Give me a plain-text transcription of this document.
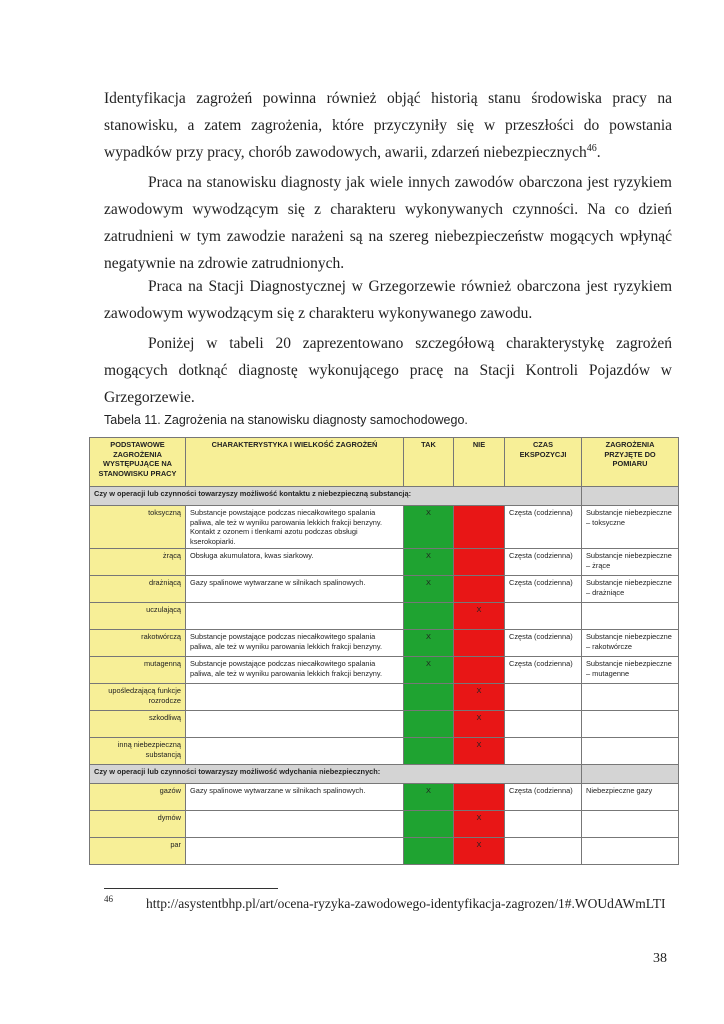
Identyfikacja zagrożeń powinna również objąć historią stanu środowiska pracy na stanowisku, a zatem zagrożenia, które przyczyniły się w przeszłości do powstania wypadków przy pracy, chorób zawodowych, awarii, zdarzeń niebezpiecznych$^{46}$.

Praca na stanowisku diagnosty jak wiele innych zawodów obarczona jest ryzykiem zawodowym wywodzącym się z charakteru wykonywanych czynności. Na co dzień zatrudnieni w tym zawodzie narażeni są na szereg niebezpieczeństw mogących wpłynąć negatywnie na zdrowie zatrudnionych.

Praca na Stacji Diagnostycznej w Grzegorzewie również obarczona jest ryzykiem zawodowym wywodzącym się z charakteru wykonywanego zawodu.

Poniżej w tabeli 20 zaprezentowano szczegółową charakterystykę zagrożeń mogących dotknąć diagnostę wykonującego pracę na Stacji Kontroli Pojazdów w Grzegorzewie.

Tabela 11. Zagrożenia na stanowisku diagnosty samochodowego.

PODSTAWOWE ZAGROŻENIA WYSTĘPUJĄCE NA STANOWISKU PRACY	CHARAKTERYSTYKA I WIELKOŚĆ ZAGROŻEŃ	TAK	NIE	CZAS EKSPOZYCJI	ZAGROŻENIA PRZYJĘTE DO POMIARU
Czy w operacji lub czynności towarzyszy możliwość kontaktu z niebezpieczną substancją:					
toksyczną	Substancje powstające podczas niecałkowitego spalania paliwa, ale też w wyniku parowania lekkich frakcji benzyny. Kontakt z ozonem i tlenkami azotu podczas obsługi kserokopiarki.	X		Częsta (codzienna)	Substancje niebezpieczne – toksyczne
żrącą	Obsługa akumulatora, kwas siarkowy.	X		Częsta (codzienna)	Substancje niebezpieczne – żrące
drażniącą	Gazy spalinowe wytwarzane w silnikach spalinowych.	X		Częsta (codzienna)	Substancje niebezpieczne – drażniące
uczulającą			X		
rakotwórczą	Substancje powstające podczas niecałkowitego spalania paliwa, ale też w wyniku parowania lekkich frakcji benzyny.	X		Częsta (codzienna)	Substancje niebezpieczne – rakotwórcze
mutagenną	Substancje powstające podczas niecałkowitego spalania paliwa, ale też w wyniku parowania lekkich frakcji benzyny.	X		Częsta (codzienna)	Substancje niebezpieczne – mutagenne
upośledzającą funkcje rozrodcze			X		
szkodliwą			X		
inną niebezpieczną substancją			X		
Czy w operacji lub czynności towarzyszy możliwość wdychania niebezpiecznych:					
gazów	Gazy spalinowe wytwarzane w silnikach spalinowych.	X		Częsta (codzienna)	Niebezpieczne gazy
dymów			X		
par			X		
46 http://asystentbhp.pl/art/ocena-ryzyka-zawodowego-identyfikacja-zagrozen/1#.WOUdAWmLTI
38
